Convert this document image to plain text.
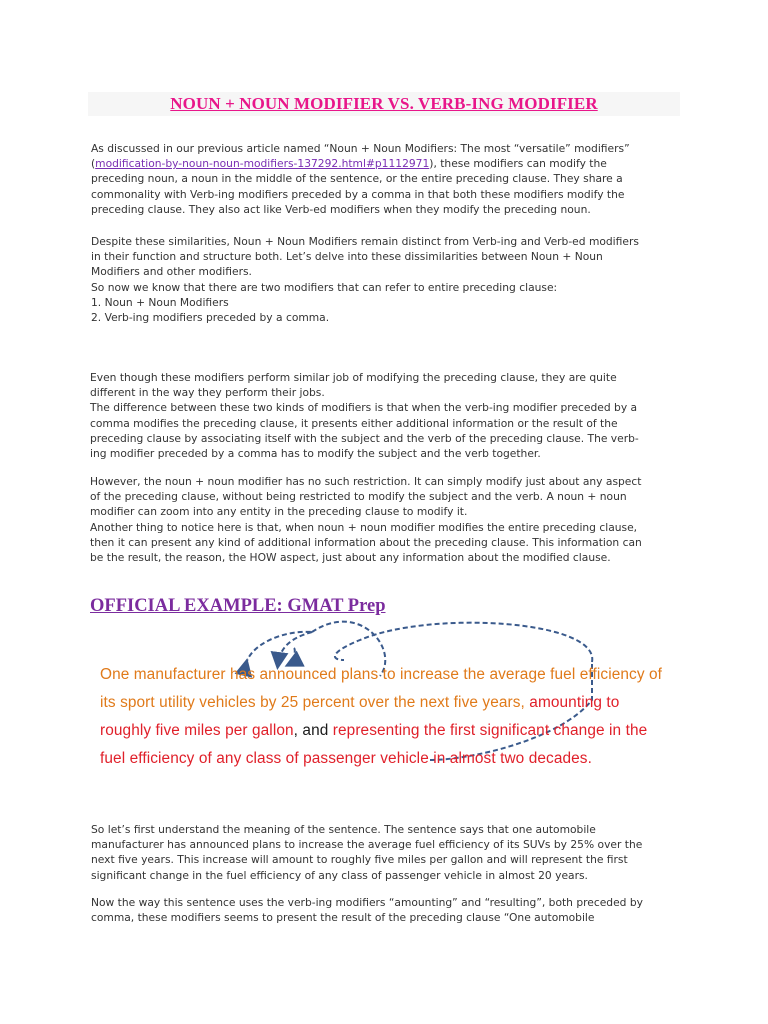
NOUN + NOUN MODIFIER VS. VERB-ING MODIFIER

As discussed in our previous article named “Noun + Noun Modifiers: The most “versatile” modifiers”
(modification-by-noun-noun-modifiers-137292.html#p1112971), these modifiers can modify the
preceding noun, a noun in the middle of the sentence, or the entire preceding clause. They share a
commonality with Verb-ing modifiers preceded by a comma in that both these modifiers modify the
preceding clause. They also act like Verb-ed modifiers when they modify the preceding noun.

Despite these similarities, Noun + Noun Modifiers remain distinct from Verb-ing and Verb-ed modifiers
in their function and structure both. Let’s delve into these dissimilarities between Noun + Noun
Modifiers and other modifiers.
So now we know that there are two modifiers that can refer to entire preceding clause:
1. Noun + Noun Modifiers
2. Verb-ing modifiers preceded by a comma.

Even though these modifiers perform similar job of modifying the preceding clause, they are quite
different in the way they perform their jobs.
The difference between these two kinds of modifiers is that when the verb-ing modifier preceded by a
comma modifies the preceding clause, it presents either additional information or the result of the
preceding clause by associating itself with the subject and the verb of the preceding clause. The verb-
ing modifier preceded by a comma has to modify the subject and the verb together.

However, the noun + noun modifier has no such restriction. It can simply modify just about any aspect
of the preceding clause, without being restricted to modify the subject and the verb. A noun + noun
modifier can zoom into any entity in the preceding clause to modify it.
Another thing to notice here is that, when noun + noun modifier modifies the entire preceding clause,
then it can present any kind of additional information about the preceding clause. This information can
be the result, the reason, the HOW aspect, just about any information about the modified clause.

OFFICIAL EXAMPLE: GMAT Prep
One manufacturer has announced plans to increase the average fuel efficiency of
its sport utility vehicles by 25 percent over the next five years, amounting to
roughly five miles per gallon, and representing the first significant change in the
fuel efficiency of any class of passenger vehicle in almost two decades.

So let’s first understand the meaning of the sentence. The sentence says that one automobile
manufacturer has announced plans to increase the average fuel efficiency of its SUVs by 25% over the
next five years. This increase will amount to roughly five miles per gallon and will represent the first
significant change in the fuel efficiency of any class of passenger vehicle in almost 20 years.

Now the way this sentence uses the verb-ing modifiers “amounting” and “resulting”, both preceded by
comma, these modifiers seems to present the result of the preceding clause “One automobile
